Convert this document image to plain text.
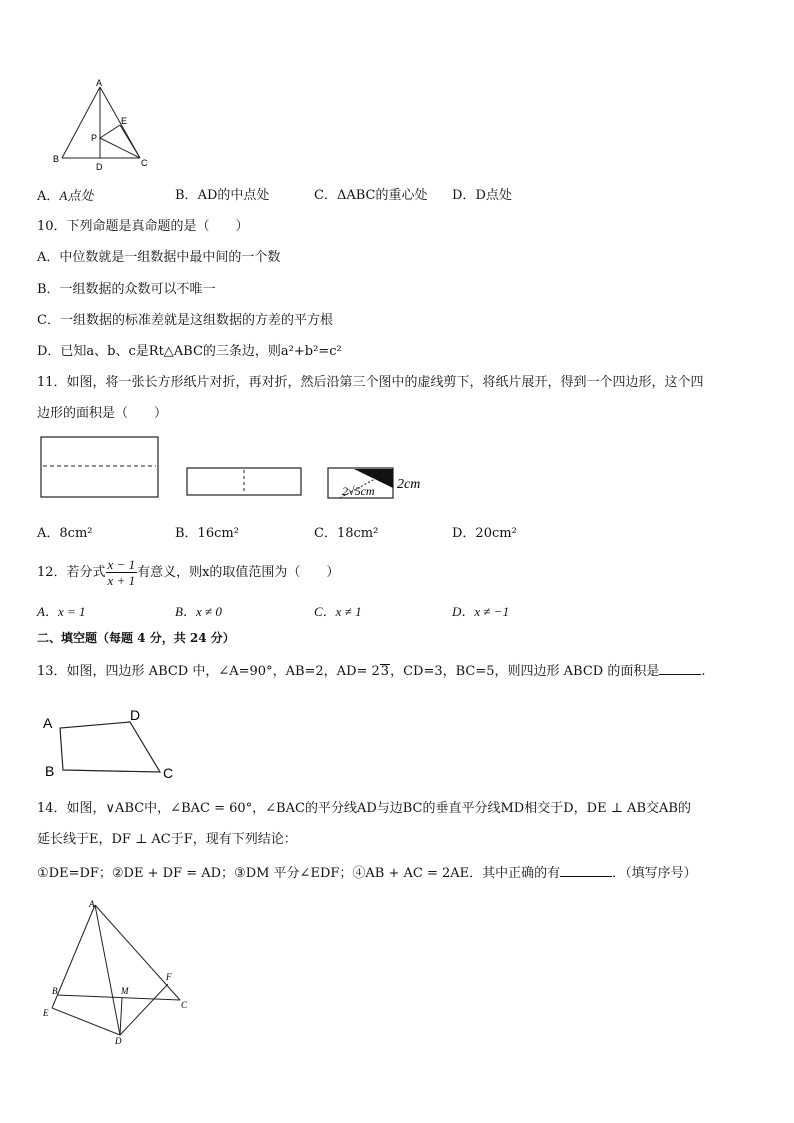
A
B	C
D
E
P
A．A点处	B．AD的中点处	C．ΔABC的重心处 D．D点处
10．下列命题是真命题的是（　　）
A．中位数就是一组数据中最中间的一个数
B．一组数据的众数可以不唯一
C．一组数据的标准差就是这组数据的方差的平方根
D．已知a、b、c是Rt△ABC的三条边，则a²+b²=c²
11．如图，将一张长方形纸片对折，再对折，然后沿第三个图中的虚线剪下，将纸片展开，得到一个四边形，这个四
边形的面积是（　　）
2cm
2√5cm
A．8cm²	B．16cm²	C．18cm²	D．20cm²
12．若分式 $\frac{x - 1}{x + 1}$ 有意义，则x的取值范围为（　　）
A．x = 1	B．x ≠ 0	C．x ≠ 1	D．x ≠ −1
二、填空题（每题 4 分，共 24 分）
13．如图，四边形 ABCD 中，∠A=90°，AB=2，AD= 23，CD=3，BC=5，则四边形 ABCD 的面积是	.
A
B	C
D
14．如图，∨ABC中，∠BAC = 60°，∠BAC的平分线AD与边BC的垂直平分线MD相交于D，DE ⊥ AB交AB的
延长线于E，DF ⊥ AC于F，现有下列结论：
①DE=DF；②DE + DF = AD；③DM 平分∠EDF；④AB + AC = 2AE．其中正确的有	．（填写序号）
A
B
C
D
E
F
M
